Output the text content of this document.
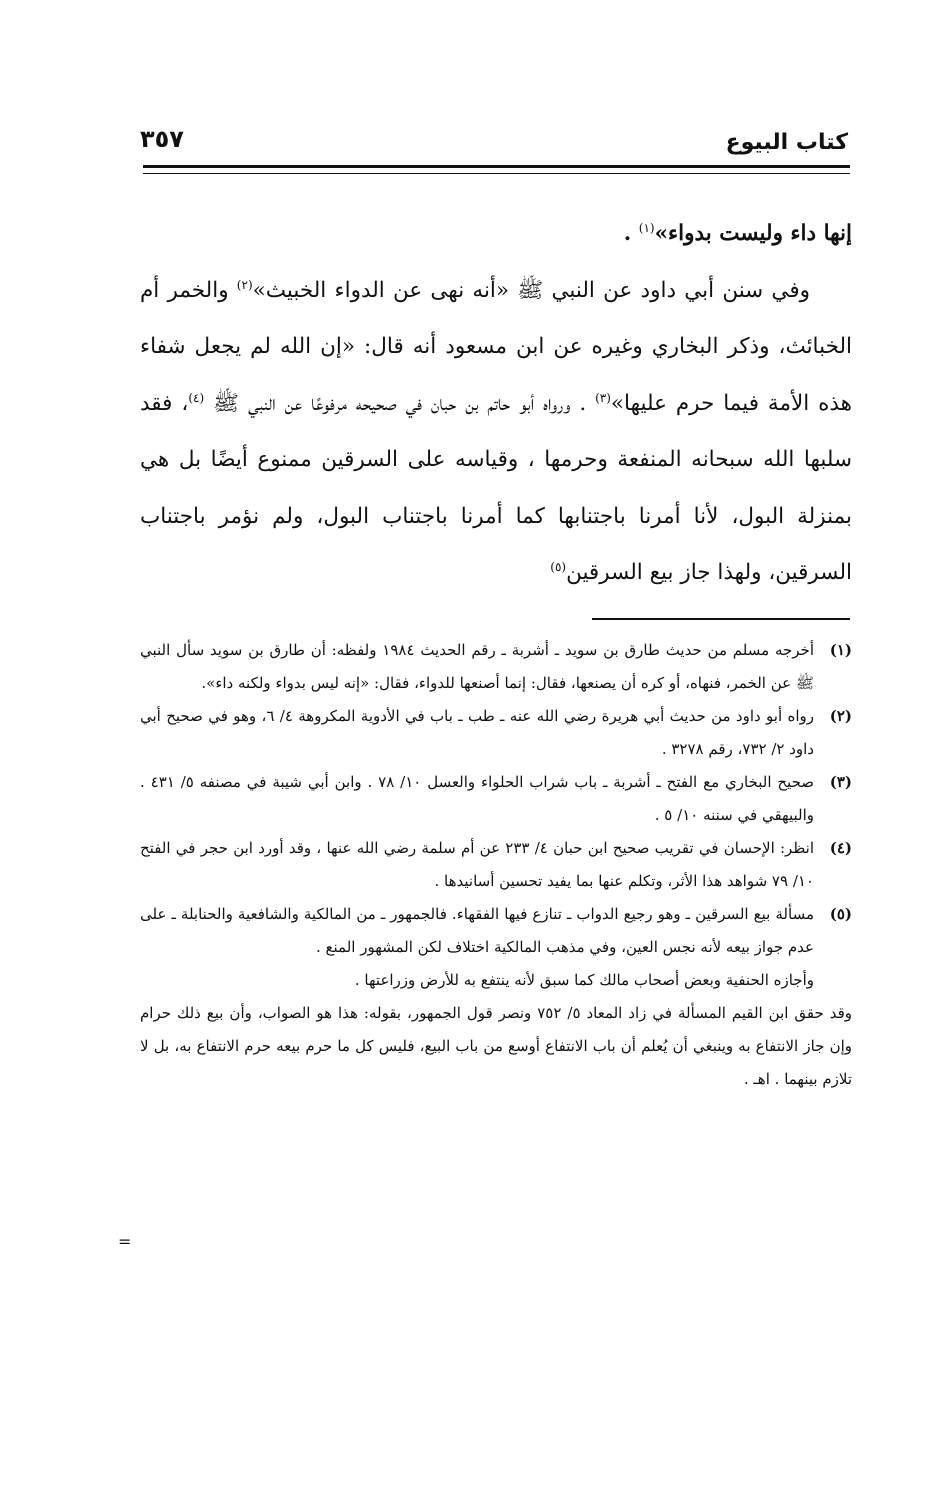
كتاب البيوع
٣٥٧

إنها داء وليست بدواء»$^{(١)}$ .

وفي سنن أبي داود عن النبي ﷺ «أنه نهى عن الدواء الخبيث»$^{(٢)}$ والخمر أم الخبائث، وذكر البخاري وغيره عن ابن مسعود أنه قال: «إن الله لم يجعل شفاء هذه الأمة فيما حرم عليها»$^{(٣)}$ . ورواه أبو حاتم بن حبان في صحيحه مرفوعًا عن النبي ﷺ $^{(٤)}$، فقد سلبها الله سبحانه المنفعة وحرمها ، وقياسه على السرقين ممنوع أيضًا بل هي بمنزلة البول، لأنا أمرنا باجتنابها كما أمرنا باجتناب البول، ولم نؤمر باجتناب السرقين، ولهذا جاز بيع السرقين$^{(٥)}$

(١)
أخرجه مسلم من حديث طارق بن سويد ـ أشربة ـ رقم الحديث ١٩٨٤ ولفظه: أن طارق بن سويد سأل النبي ﷺ عن الخمر، فنهاه، أو كره أن يصنعها، فقال: إنما أصنعها للدواء، فقال: «إنه ليس بدواء ولكنه داء».

(٢)
رواه أبو داود من حديث أبي هريرة رضي الله عنه ـ طب ـ باب في الأدوية المكروهة ٤/ ٦، وهو في صحيح أبي داود ٢/ ٧٣٢، رقم ٣٢٧٨ .

(٣)
صحيح البخاري مع الفتح ـ أشربة ـ باب شراب الحلواء والعسل ١٠/ ٧٨ . وابن أبي شيبة في مصنفه ٥/ ٤٣١ . والبيهقي في سننه ١٠/ ٥ .

(٤)
انظر: الإحسان في تقريب صحيح ابن حبان ٤/ ٢٣٣ عن أم سلمة رضي الله عنها ، وقد أورد ابن حجر في الفتح ١٠/ ٧٩ شواهد هذا الأثر، وتكلم عنها بما يفيد تحسين أسانيدها .

(٥)
مسألة بيع السرقين ـ وهو رجيع الدواب ـ تنازع فيها الفقهاء. فالجمهور ـ من المالكية والشافعية والحنابلة ـ على عدم جواز بيعه لأنه نجس العين، وفي مذهب المالكية اختلاف لكن المشهور المنع .

وأجازه الحنفية وبعض أصحاب مالك كما سبق لأنه ينتفع به للأرض وزراعتها .

وقد حقق ابن القيم المسألة في زاد المعاد ٥/ ٧٥٢ ونصر قول الجمهور، بقوله: هذا هو الصواب، وأن بيع ذلك حرام وإن جاز الانتفاع به وينبغي أن يُعلم أن باب الانتفاع أوسع من باب البيع، فليس كل ما حرم بيعه حرم الانتفاع به، بل لا تلازم بينهما . اهـ .

=
